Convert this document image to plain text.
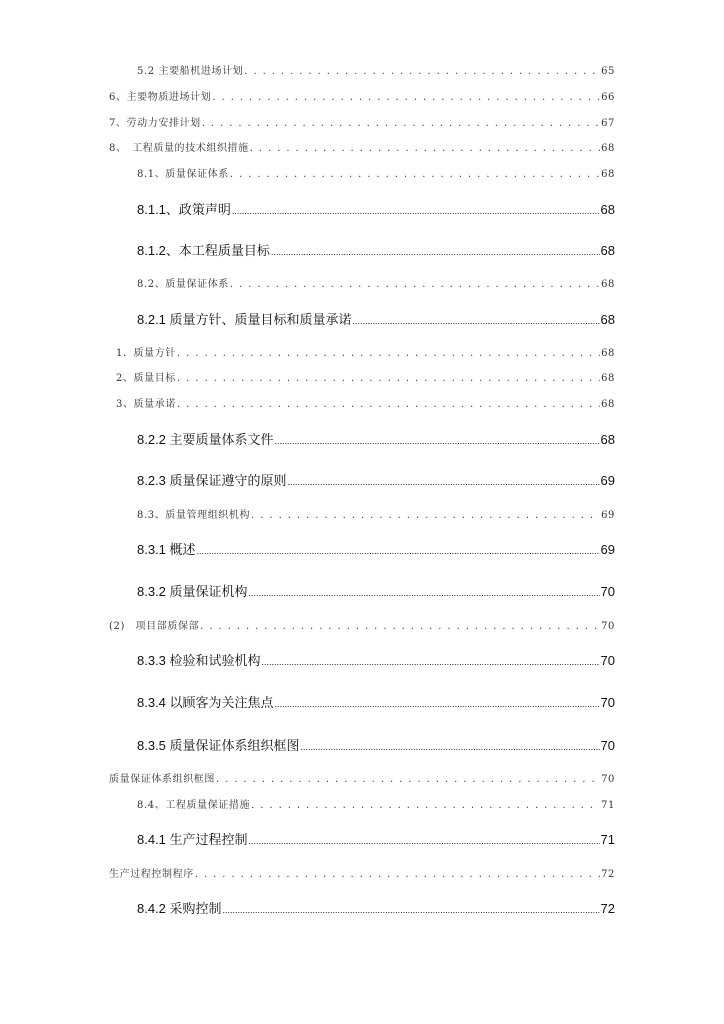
5.2 主要船机进场计划 . . .	65
6、主要物质进场计划 . . .	66
7、劳动力安排计划 . . .	67
8、　工程质量的技术组织措施 . . .	68
8.1、质量保证体系 . . .	68
8.1.1、政策声明 .....	68
8.1.2、本工程质量目标 .....	68
8.2、质量保证体系 . . .	68
8.2.1 质量方针、质量目标和质量承诺 .....	68
1．质量方针 . . .	68
2、质量目标 . . .	68
3、质量承诺 . . .	68
8.2.2 主要质量体系文件 .....	68
8.2.3 质量保证遵守的原则 .....	69
8.3、质量管理组织机构 . . .	69
8.3.1 概述 .....	69
8.3.2 质量保证机构 .....	70
(2)　项目部质保部 . . .	70
8.3.3 检验和试验机构 .....	70
8.3.4 以顾客为关注焦点 .....	70
8.3.5 质量保证体系组织框图 .....	70
质量保证体系组织框图 . . .	70
8.4、工程质量保证措施 . . .	71
8.4.1 生产过程控制 .....	71
生产过程控制程序 . . .	72
8.4.2 采购控制 .....	72
